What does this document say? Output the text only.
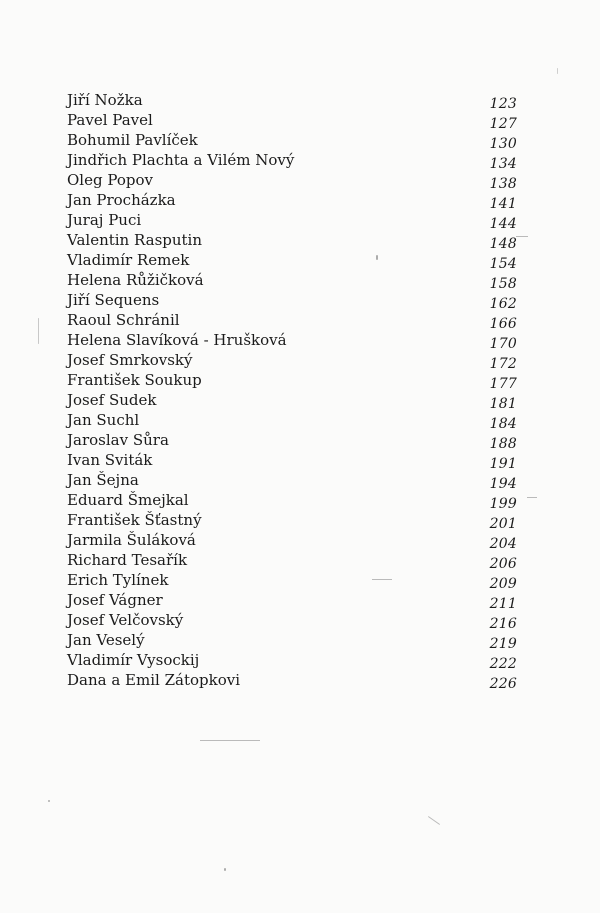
Jiří Nožka	123
Pavel Pavel	127
Bohumil Pavlíček	130
Jindřich Plachta a Vilém Nový	134
Oleg Popov	138
Jan Procházka	141
Juraj Puci	144
Valentin Rasputin	148
Vladimír Remek	154
Helena Růžičková	158
Jiří Sequens	162
Raoul Schránil	166
Helena Slavíková - Hrušková	170
Josef Smrkovský	172
František Soukup	177
Josef Sudek	181
Jan Suchl	184
Jaroslav Sůra	188
Ivan Sviták	191
Jan Šejna	194
Eduard Šmejkal	199
František Šťastný	201
Jarmila Šuláková	204
Richard Tesařík	206
Erich Tylínek	209
Josef Vágner	211
Josef Velčovský	216
Jan Veselý	219
Vladimír Vysockij	222
Dana a Emil Zátopkovi	226
